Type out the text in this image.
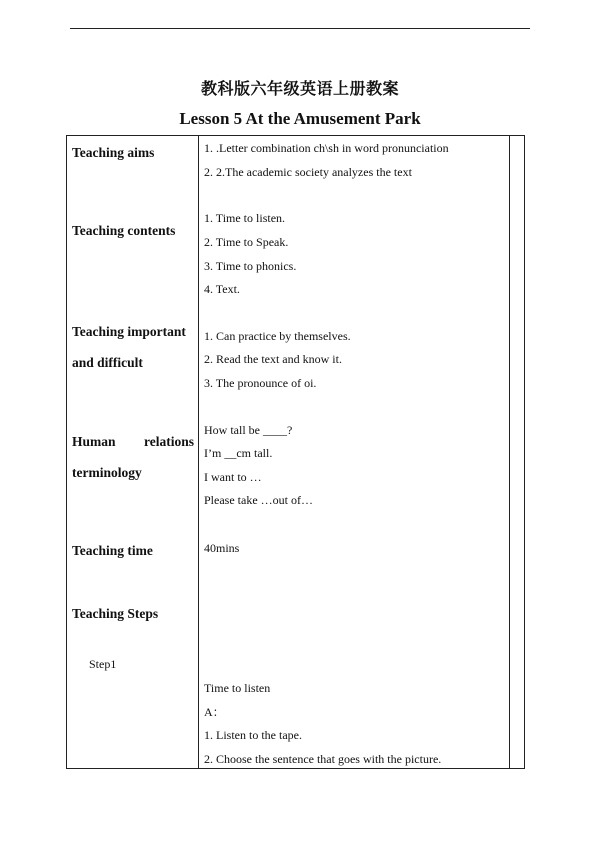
教科版六年级英语上册教案
Lesson 5 At the Amusement Park
Teaching aims	1. .Letter combination ch\sh in word pronunciation
2. 2.The academic society analyzes the text
Teaching contents
1. Time to listen.
2. Time to Speak.
3. Time to phonics.
4. Text.
Teaching important
and difficult
1. Can practice by themselves.
2. Read the text and know it.
3. The pronounce of oi.
Human relations
terminology
How tall be ____?
I’m __cm tall.
I want to …
Please take …out of…
Teaching time	40mins
Teaching Steps
Step1
Time to listen
A：
1. Listen to the tape.
2. Choose the sentence that goes with the picture.
